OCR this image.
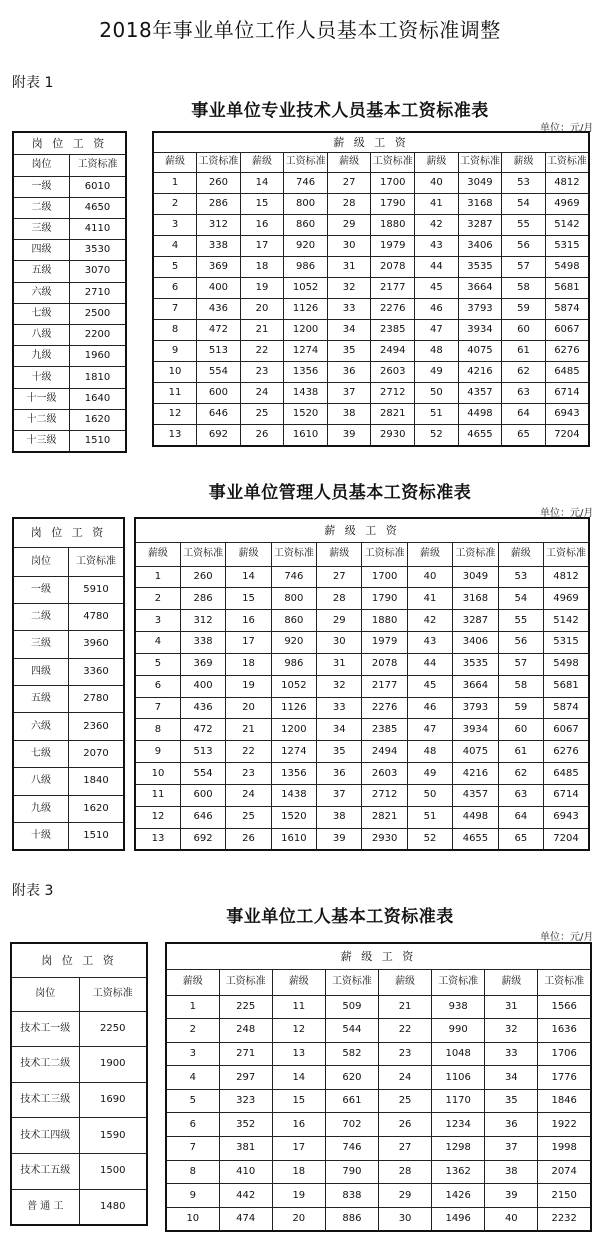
2018年事业单位工作人员基本工资标准调整
附表 1
事业单位专业技术人员基本工资标准表
单位：元/月
岗 位 工 资	
岗位	工资标准
一级	6010
二级	4650
三级	4110
四级	3530
五级	3070
六级	2710
七级	2500
八级	2200
九级	1960
十级	1810
十一级	1640
十二级	1620
十三级	1510
薪 级 工 资									
薪级	工资标准	薪级	工资标准	薪级	工资标准	薪级	工资标准	薪级	工资标准
1	260	14	746	27	1700	40	3049	53	4812
2	286	15	800	28	1790	41	3168	54	4969
3	312	16	860	29	1880	42	3287	55	5142
4	338	17	920	30	1979	43	3406	56	5315
5	369	18	986	31	2078	44	3535	57	5498
6	400	19	1052	32	2177	45	3664	58	5681
7	436	20	1126	33	2276	46	3793	59	5874
8	472	21	1200	34	2385	47	3934	60	6067
9	513	22	1274	35	2494	48	4075	61	6276
10	554	23	1356	36	2603	49	4216	62	6485
11	600	24	1438	37	2712	50	4357	63	6714
12	646	25	1520	38	2821	51	4498	64	6943
13	692	26	1610	39	2930	52	4655	65	7204
事业单位管理人员基本工资标准表
单位：元/月
岗 位 工 资	
岗位	工资标准
一级	5910
二级	4780
三级	3960
四级	3360
五级	2780
六级	2360
七级	2070
八级	1840
九级	1620
十级	1510
薪 级 工 资									
薪级	工资标准	薪级	工资标准	薪级	工资标准	薪级	工资标准	薪级	工资标准
1	260	14	746	27	1700	40	3049	53	4812
2	286	15	800	28	1790	41	3168	54	4969
3	312	16	860	29	1880	42	3287	55	5142
4	338	17	920	30	1979	43	3406	56	5315
5	369	18	986	31	2078	44	3535	57	5498
6	400	19	1052	32	2177	45	3664	58	5681
7	436	20	1126	33	2276	46	3793	59	5874
8	472	21	1200	34	2385	47	3934	60	6067
9	513	22	1274	35	2494	48	4075	61	6276
10	554	23	1356	36	2603	49	4216	62	6485
11	600	24	1438	37	2712	50	4357	63	6714
12	646	25	1520	38	2821	51	4498	64	6943
13	692	26	1610	39	2930	52	4655	65	7204
附表 3
事业单位工人基本工资标准表
单位：元/月
岗 位 工 资	
岗位	工资标准
技术工一级	2250
技术工二级	1900
技术工三级	1690
技术工四级	1590
技术工五级	1500
普 通 工	1480
薪 级 工 资							
薪级	工资标准	薪级	工资标准	薪级	工资标准	薪级	工资标准
1	225	11	509	21	938	31	1566
2	248	12	544	22	990	32	1636
3	271	13	582	23	1048	33	1706
4	297	14	620	24	1106	34	1776
5	323	15	661	25	1170	35	1846
6	352	16	702	26	1234	36	1922
7	381	17	746	27	1298	37	1998
8	410	18	790	28	1362	38	2074
9	442	19	838	29	1426	39	2150
10	474	20	886	30	1496	40	2232
